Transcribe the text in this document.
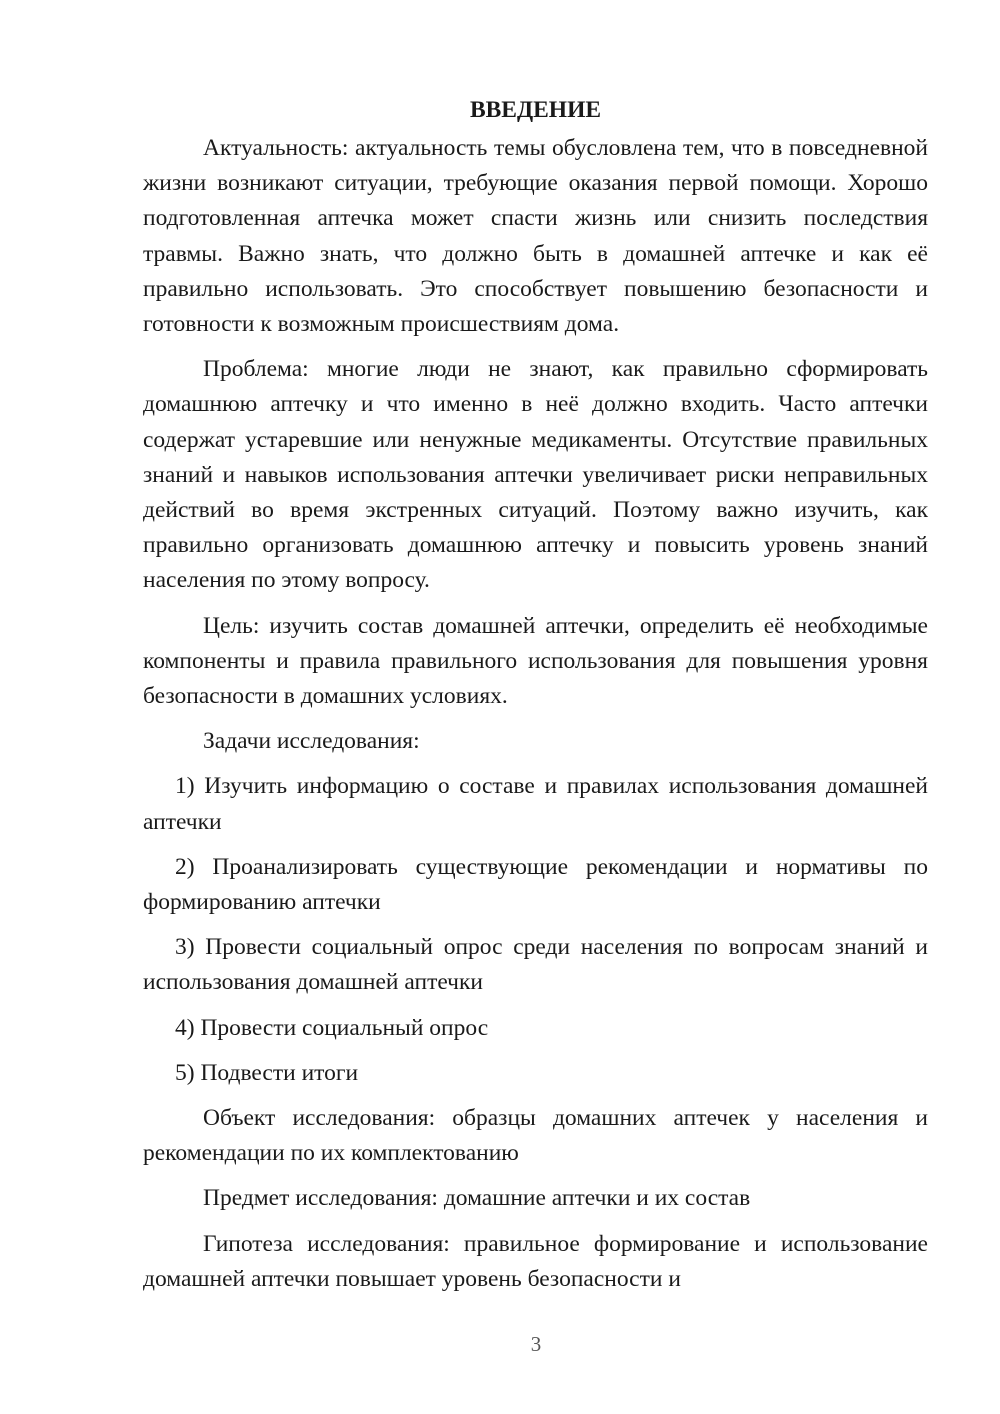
ВВЕДЕНИЕ

Актуальность: актуальность темы обусловлена тем, что в повседневной жизни возникают ситуации, требующие оказания первой помощи. Хорошо подготовленная аптечка может спасти жизнь или снизить последствия травмы. Важно знать, что должно быть в домашней аптечке и как её правильно использовать. Это способствует повышению безопасности и готовности к возможным происшествиям дома.

Проблема: многие люди не знают, как правильно сформировать домашнюю аптечку и что именно в неё должно входить. Часто аптечки содержат устаревшие или ненужные медикаменты. Отсутствие правильных знаний и навыков использования аптечки увеличивает риски неправильных действий во время экстренных ситуаций. Поэтому важно изучить, как правильно организовать домашнюю аптечку и повысить уровень знаний населения по этому вопросу.

Цель: изучить состав домашней аптечки, определить её необходимые компоненты и правила правильного использования для повышения уровня безопасности в домашних условиях.

Задачи исследования:

1) Изучить информацию о составе и правилах использования домашней аптечки

2) Проанализировать существующие рекомендации и нормативы по формированию аптечки

3) Провести социальный опрос среди населения по вопросам знаний и использования домашней аптечки

4) Провести социальный опрос

5) Подвести итоги

Объект исследования: образцы домашних аптечек у населения и рекомендации по их комплектованию

Предмет исследования: домашние аптечки и их состав

Гипотеза исследования: правильное формирование и использование домашней аптечки повышает уровень безопасности и

3
